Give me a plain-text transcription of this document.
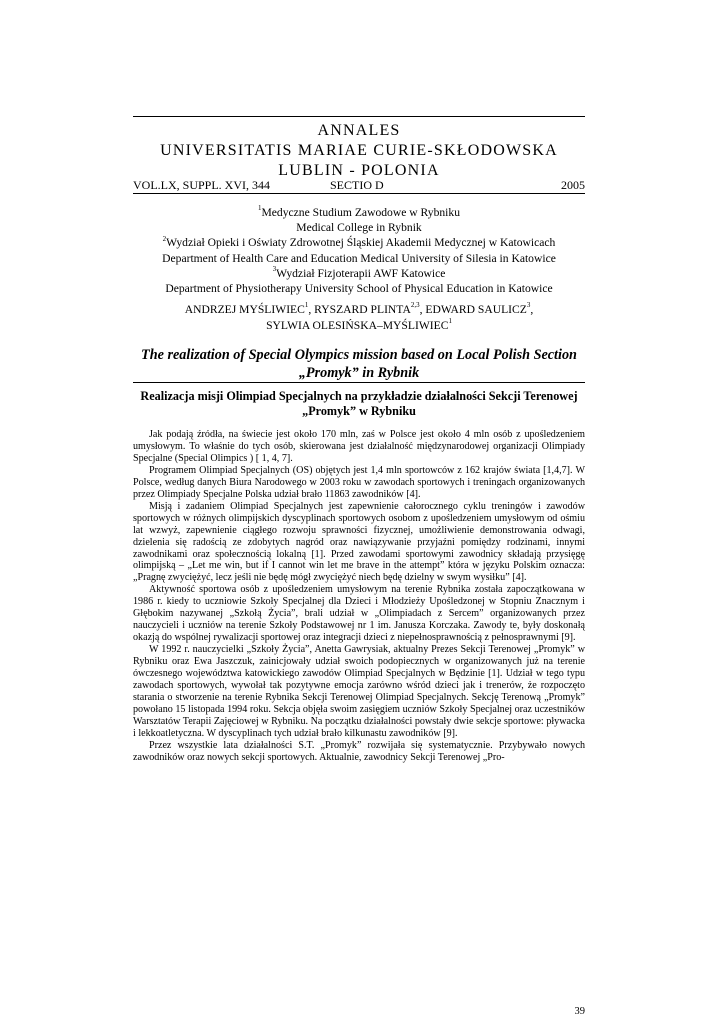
ANNALES
UNIVERSITATIS MARIAE CURIE-SKŁODOWSKA
LUBLIN - POLONIA
VOL.LX, SUPPL. XVI, 344	SECTIO D	2005
$^1$Medyczne Studium Zawodowe w Rybniku
Medical College in Rybnik
$^2$Wydział Opieki i Oświaty Zdrowotnej Śląskiej Akademii Medycznej w Katowicach
Department of Health Care and Education Medical University of Silesia in Katowice
$^3$Wydział Fizjoterapii AWF Katowice
Department of Physiotherapy University School of Physical Education in Katowice
ANDRZEJ MYŚLIWIEC$^1$, RYSZARD PLINTA$^{2,3}$, EDWARD SAULICZ$^3$,
SYLWIA OLESIŃSKA–MYŚLIWIEC$^1$
The realization of Special Olympics mission based on Local Polish Section
„Promyk” in Rybnik
Realizacja misji Olimpiad Specjalnych na przykładzie działalności Sekcji Terenowej
„Promyk” w Rybniku

Jak podają źródła, na świecie jest około 170 mln, zaś w Polsce jest około 4 mln osób z upośledzeniem umysłowym. To właśnie do tych osób, skierowana jest działalność międzynarodowej organizacji Olimpiady Specjalne (Special Olimpics ) [ 1, 4, 7].

Programem Olimpiad Specjalnych (OS) objętych jest 1,4 mln sportowców z 162 krajów świata [1,4,7]. W Polsce, według danych Biura Narodowego w 2003 roku w zawodach sportowych i treningach organizowanych przez Olimpiady Specjalne Polska udział brało 11863 zawodników [4].

Misją i zadaniem Olimpiad Specjalnych jest zapewnienie całorocznego cyklu treningów i zawodów sportowych w różnych olimpijskich dyscyplinach sportowych osobom z upośledzeniem umysłowym od ośmiu lat wzwyż, zapewnienie ciągłego rozwoju sprawności fizycznej, umożliwienie demonstrowania odwagi, dzielenia się radością ze zdobytych nagród oraz nawiązywanie przyjaźni pomiędzy rodzinami, innymi zawodnikami oraz społecznością lokalną [1]. Przed zawodami sportowymi zawodnicy składają przysięgę olimpijską – „Let me win, but if I cannot win let me brave in the attempt” która w języku Polskim oznacza: „Pragnę zwyciężyć, lecz jeśli nie będę mógł zwyciężyć niech będę dzielny w swym wysiłku” [4].

Aktywność sportowa osób z upośledzeniem umysłowym na terenie Rybnika została zapoczątkowana w 1986 r. kiedy to uczniowie Szkoły Specjalnej dla Dzieci i Młodzieży Upośledzonej w Stopniu Znacznym i Głębokim nazywanej „Szkołą Życia”, brali udział w „Olimpiadach z Sercem” organizowanych przez nauczycieli i uczniów na terenie Szkoły Podstawowej nr 1 im. Janusza Korczaka. Zawody te, były doskonałą okazją do wspólnej rywalizacji sportowej oraz integracji dzieci z niepełnosprawnością z pełnosprawnymi [9].

W 1992 r. nauczycielki „Szkoły Życia”, Anetta Gawrysiak, aktualny Prezes Sekcji Terenowej „Promyk” w Rybniku oraz Ewa Jaszczuk, zainicjowały udział swoich podopiecznych w organizowanych już na terenie ówczesnego województwa katowickiego zawodów Olimpiad Specjalnych w Będzinie [1]. Udział w tego typu zawodach sportowych, wywołał tak pozytywne emocja zarówno wśród dzieci jak i trenerów, że rozpoczęto starania o stworzenie na terenie Rybnika Sekcji Terenowej Olimpiad Specjalnych. Sekcję Terenową „Promyk” powołano 15 listopada 1994 roku. Sekcja objęła swoim zasięgiem uczniów Szkoły Specjalnej oraz uczestników Warsztatów Terapii Zajęciowej w Rybniku. Na początku działalności powstały dwie sekcje sportowe: pływacka i lekkoatletyczna. W dyscyplinach tych udział brało kilkunastu zawodników [9].

Przez wszystkie lata działalności S.T. „Promyk” rozwijała się systematycznie. Przybywało nowych zawodników oraz nowych sekcji sportowych. Aktualnie, zawodnicy Sekcji Terenowej „Pro-

39
